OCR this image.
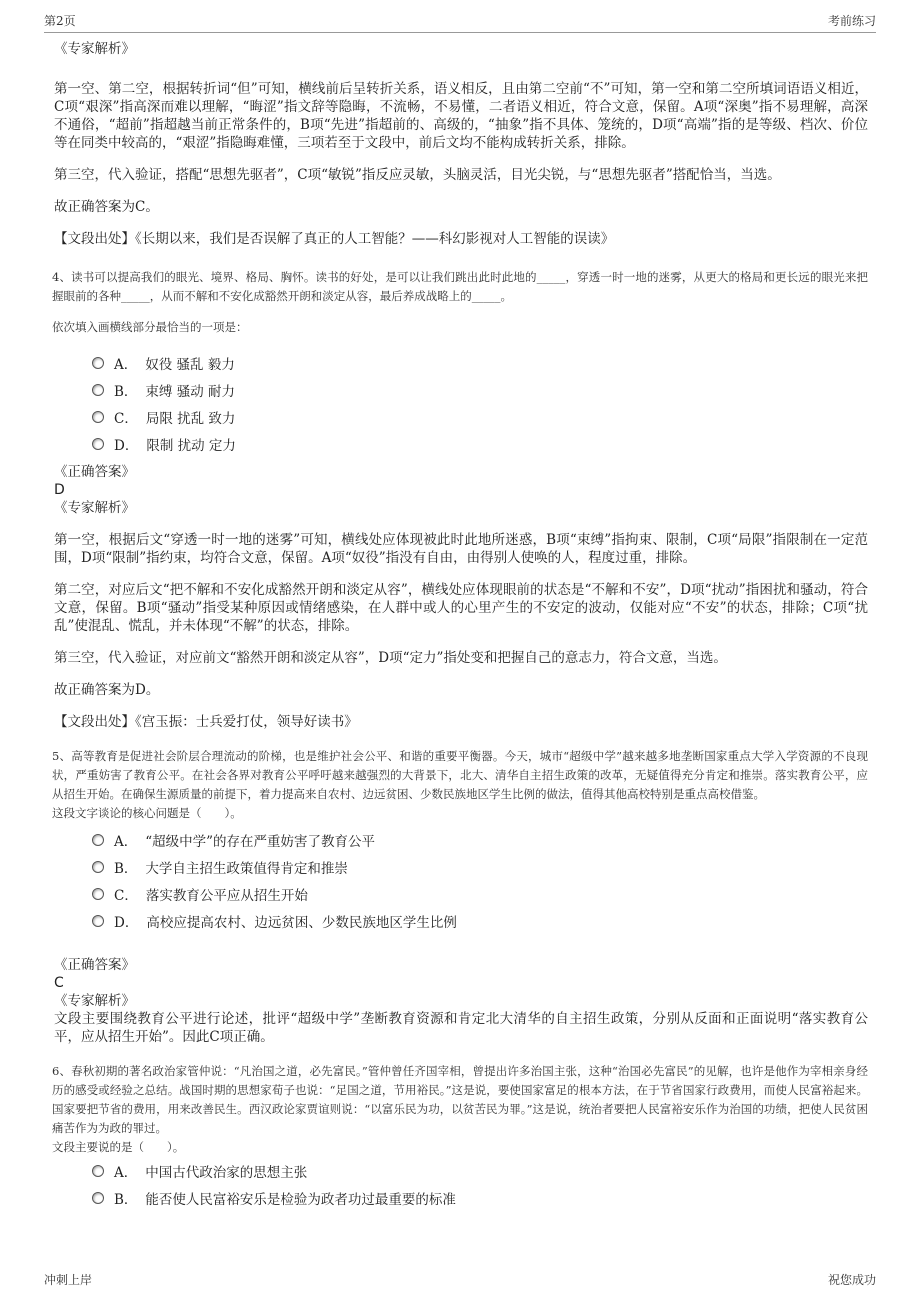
第2页	考前练习

《专家解析》

第一空、第二空，根据转折词“但”可知，横线前后呈转折关系，语义相反，且由第二空前“不”可知，第一空和第二空所填词语语义相近，C项“艰深”指高深而难以理解，“晦涩”指文辞等隐晦，不流畅，不易懂，二者语义相近，符合文意，保留。A项“深奥”指不易理解，高深不通俗，“超前”指超越当前正常条件的，B项“先进”指超前的、高级的，“抽象”指不具体、笼统的，D项“高端”指的是等级、档次、价位等在同类中较高的，“艰涩”指隐晦难懂，三项若至于文段中，前后文均不能构成转折关系，排除。

第三空，代入验证，搭配“思想先驱者”，C项“敏锐”指反应灵敏，头脑灵活，目光尖锐，与“思想先驱者”搭配恰当，当选。

故正确答案为C。

【文段出处】《长期以来，我们是否误解了真正的人工智能？——科幻影视对人工智能的误读》

4、读书可以提高我们的眼光、境界、格局、胸怀。读书的好处，是可以让我们跳出此时此地的_____，穿透一时一地的迷雾，从更大的格局和更长远的眼光来把握眼前的各种_____，从而不解和不安化成豁然开朗和淡定从容，最后养成战略上的_____。

依次填入画横线部分最恰当的一项是：

A． 奴役 骚乱 毅力
B． 束缚 骚动 耐力
C． 局限 扰乱 致力
D． 限制 扰动 定力

《正确答案》

D

《专家解析》

第一空，根据后文“穿透一时一地的迷雾”可知，横线处应体现被此时此地所迷惑，B项“束缚”指拘束、限制，C项“局限”指限制在一定范围，D项“限制”指约束，均符合文意，保留。A项“奴役”指没有自由，由得别人使唤的人，程度过重，排除。

第二空，对应后文“把不解和不安化成豁然开朗和淡定从容”，横线处应体现眼前的状态是“不解和不安”，D项“扰动”指困扰和骚动，符合文意，保留。B项“骚动”指受某种原因或情绪感染，在人群中或人的心里产生的不安定的波动，仅能对应“不安”的状态，排除；C项“扰乱”使混乱、慌乱，并未体现“不解”的状态，排除。

第三空，代入验证，对应前文“豁然开朗和淡定从容”，D项“定力”指处变和把握自己的意志力，符合文意，当选。

故正确答案为D。

【文段出处】《宫玉振：士兵爱打仗，领导好读书》

5、高等教育是促进社会阶层合理流动的阶梯，也是维护社会公平、和谐的重要平衡器。今天，城市“超级中学”越来越多地垄断国家重点大学入学资源的不良现状，严重妨害了教育公平。在社会各界对教育公平呼吁越来越强烈的大背景下，北大、清华自主招生政策的改革，无疑值得充分肯定和推崇。落实教育公平，应从招生开始。在确保生源质量的前提下，着力提高来自农村、边远贫困、少数民族地区学生比例的做法，值得其他高校特别是重点高校借鉴。

这段文字谈论的核心问题是（　　）。

A． “超级中学”的存在严重妨害了教育公平
B． 大学自主招生政策值得肯定和推崇
C． 落实教育公平应从招生开始
D． 高校应提高农村、边远贫困、少数民族地区学生比例

《正确答案》

C

《专家解析》

文段主要围绕教育公平进行论述，批评“超级中学”垄断教育资源和肯定北大清华的自主招生政策，分别从反面和正面说明“落实教育公平，应从招生开始”。因此C项正确。

6、春秋初期的著名政治家管仲说：“凡治国之道，必先富民。”管仲曾任齐国宰相，曾提出许多治国主张，这种“治国必先富民”的见解，也许是他作为宰相亲身经历的感受或经验之总结。战国时期的思想家荀子也说：“足国之道，节用裕民。”这是说，要使国家富足的根本方法，在于节省国家行政费用，而使人民富裕起来。国家要把节省的费用，用来改善民生。西汉政论家贾谊则说：“以富乐民为功，以贫苦民为罪。”这是说，统治者要把人民富裕安乐作为治国的功绩，把使人民贫困痛苦作为为政的罪过。

文段主要说的是（　　）。

A． 中国古代政治家的思想主张
B． 能否使人民富裕安乐是检验为政者功过最重要的标准
冲刺上岸	祝您成功
